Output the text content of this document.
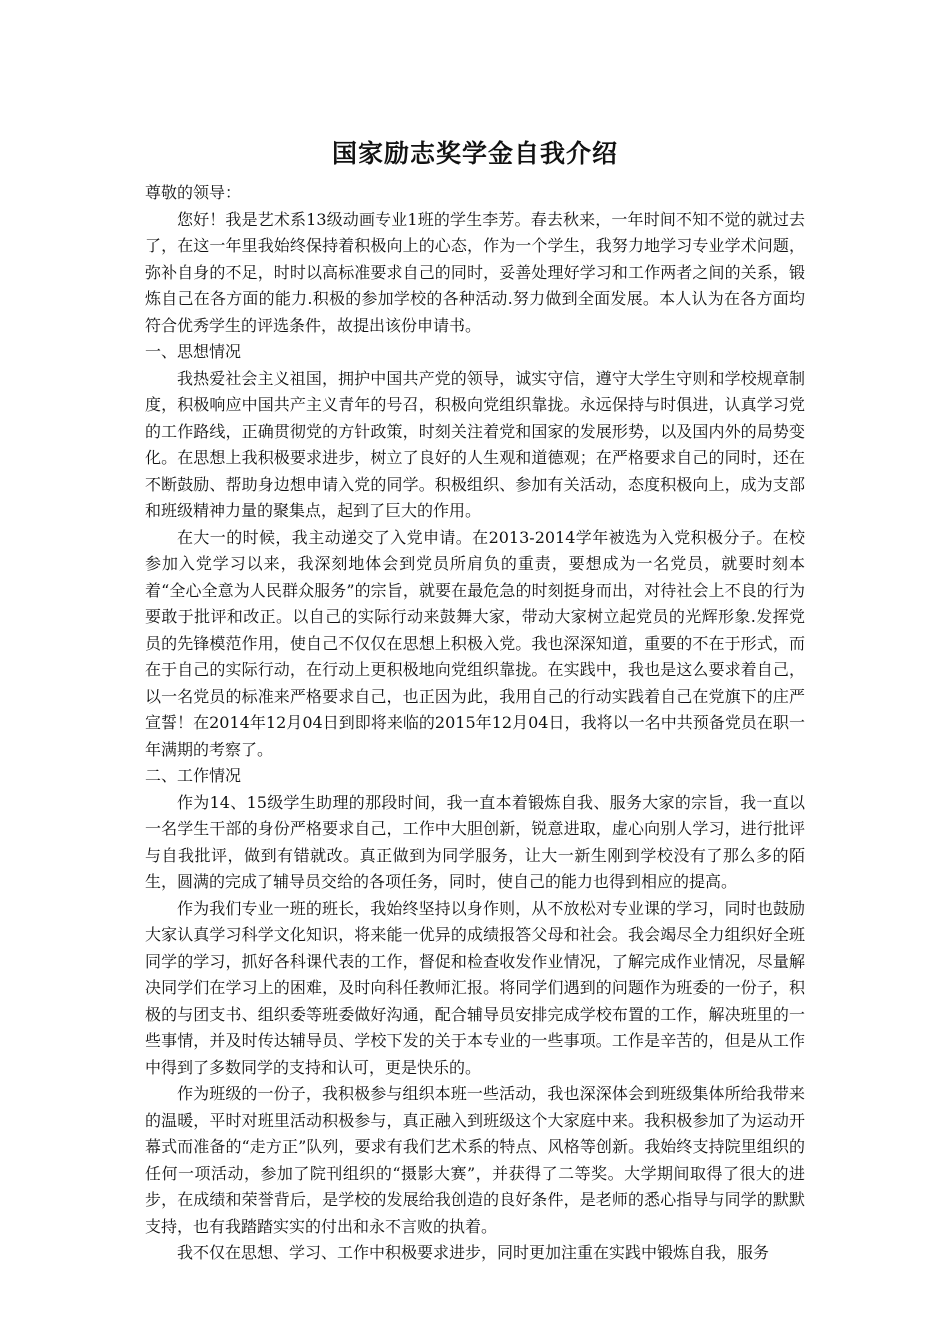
国家励志奖学金自我介绍

尊敬的领导：

您好！我是艺术系13级动画专业1班的学生李芳。春去秋来，一年时间不知不觉的就过去了，在这一年里我始终保持着积极向上的心态，作为一个学生，我努力地学习专业学术问题，弥补自身的不足，时时以高标准要求自己的同时，妥善处理好学习和工作两者之间的关系，锻炼自己在各方面的能力.积极的参加学校的各种活动.努力做到全面发展。本人认为在各方面均符合优秀学生的评选条件，故提出该份申请书。

一、思想情况

我热爱社会主义祖国，拥护中国共产党的领导，诚实守信，遵守大学生守则和学校规章制度，积极响应中国共产主义青年的号召，积极向党组织靠拢。永远保持与时俱进，认真学习党的工作路线，正确贯彻党的方针政策，时刻关注着党和国家的发展形势，以及国内外的局势变化。在思想上我积极要求进步，树立了良好的人生观和道德观；在严格要求自己的同时，还在不断鼓励、帮助身边想申请入党的同学。积极组织、参加有关活动，态度积极向上，成为支部和班级精神力量的聚集点，起到了巨大的作用。

在大一的时候，我主动递交了入党申请。在2013-2014学年被选为入党积极分子。在校参加入党学习以来，我深刻地体会到党员所肩负的重责，要想成为一名党员，就要时刻本着“全心全意为人民群众服务”的宗旨，就要在最危急的时刻挺身而出，对待社会上不良的行为要敢于批评和改正。以自己的实际行动来鼓舞大家，带动大家树立起党员的光辉形象.发挥党员的先锋模范作用，使自己不仅仅在思想上积极入党。我也深深知道，重要的不在于形式，而在于自己的实际行动，在行动上更积极地向党组织靠拢。在实践中，我也是这么要求着自己，以一名党员的标准来严格要求自己，也正因为此，我用自己的行动实践着自己在党旗下的庄严宣誓！在2014年12月04日到即将来临的2015年12月04日，我将以一名中共预备党员在职一年满期的考察了。

二、工作情况

作为14、15级学生助理的那段时间，我一直本着锻炼自我、服务大家的宗旨，我一直以一名学生干部的身份严格要求自己，工作中大胆创新，锐意进取，虚心向别人学习，进行批评与自我批评，做到有错就改。真正做到为同学服务，让大一新生刚到学校没有了那么多的陌生，圆满的完成了辅导员交给的各项任务，同时，使自己的能力也得到相应的提高。

作为我们专业一班的班长，我始终坚持以身作则，从不放松对专业课的学习，同时也鼓励大家认真学习科学文化知识，将来能一优异的成绩报答父母和社会。我会竭尽全力组织好全班同学的学习，抓好各科课代表的工作，督促和检查收发作业情况，了解完成作业情况，尽量解决同学们在学习上的困难，及时向科任教师汇报。将同学们遇到的问题作为班委的一份子，积极的与团支书、组织委等班委做好沟通，配合辅导员安排完成学校布置的工作，解决班里的一些事情，并及时传达辅导员、学校下发的关于本专业的一些事项。工作是辛苦的，但是从工作中得到了多数同学的支持和认可，更是快乐的。

作为班级的一份子，我积极参与组织本班一些活动，我也深深体会到班级集体所给我带来的温暖，平时对班里活动积极参与，真正融入到班级这个大家庭中来。我积极参加了为运动开幕式而准备的“走方正”队列，要求有我们艺术系的特点、风格等创新。我始终支持院里组织的任何一项活动，参加了院刊组织的“摄影大赛”，并获得了二等奖。大学期间取得了很大的进步，在成绩和荣誉背后，是学校的发展给我创造的良好条件，是老师的悉心指导与同学的默默支持，也有我踏踏实实的付出和永不言败的执着。

我不仅在思想、学习、工作中积极要求进步，同时更加注重在实践中锻炼自我，服务
